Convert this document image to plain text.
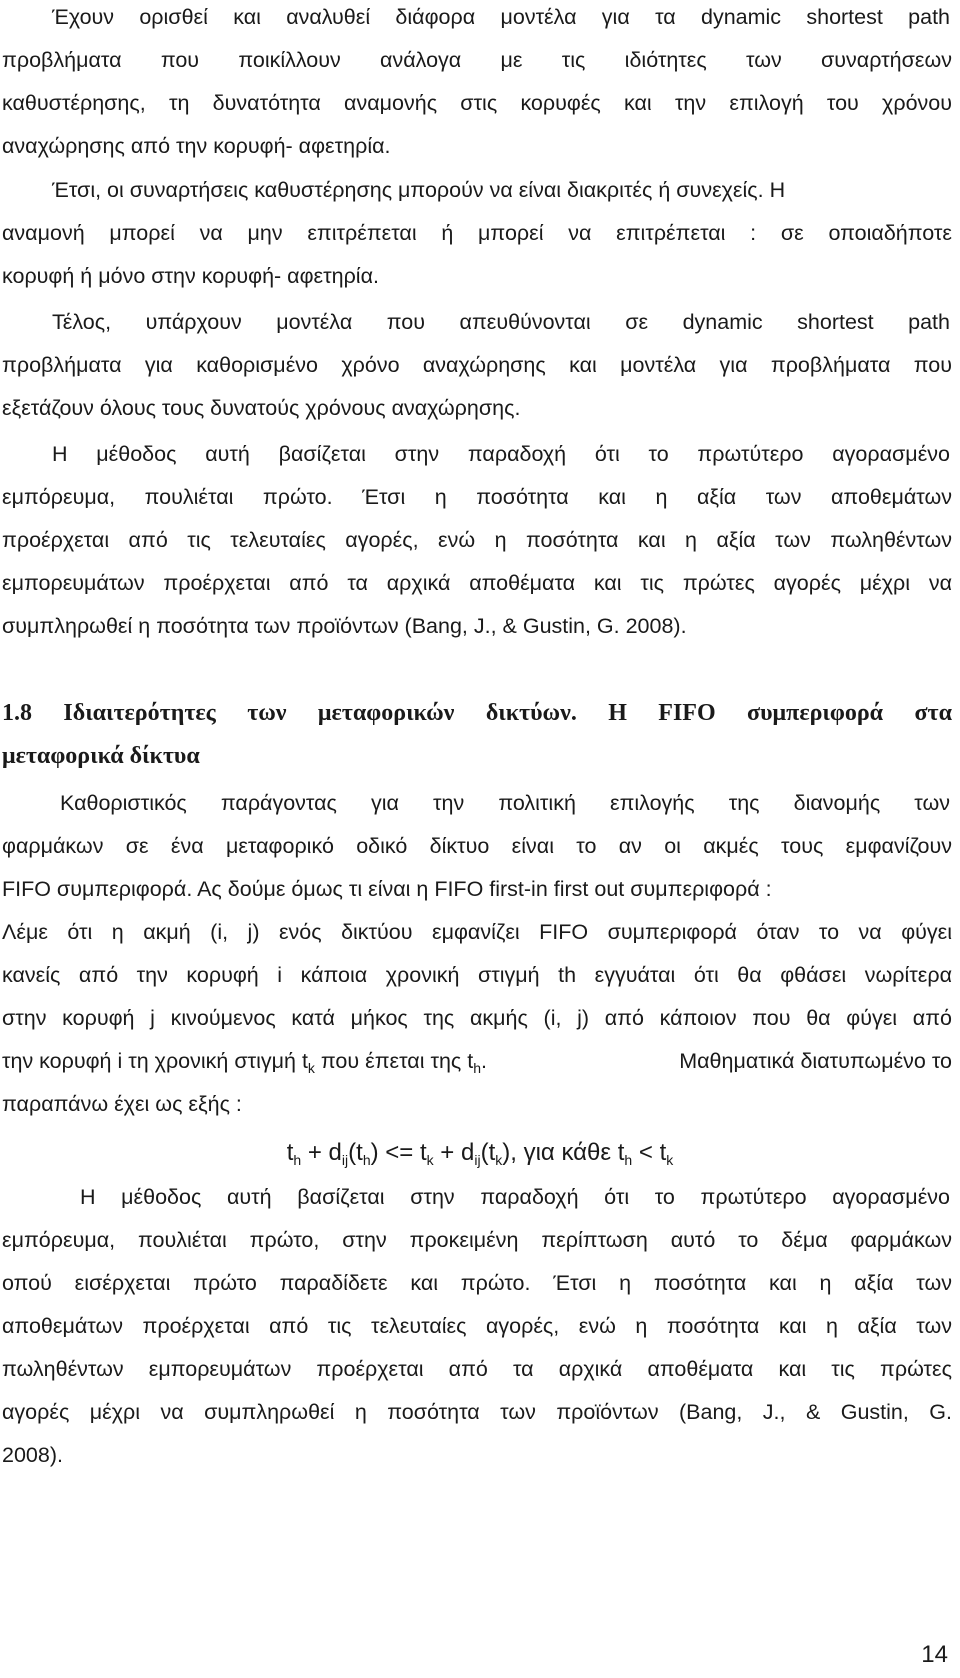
Έχουν ορισθεί και αναλυθεί διάφορα μοντέλα για τα dynamic shortest path
προβλήματα που ποικίλλουν ανάλογα με τις ιδιότητες των συναρτήσεων
καθυστέρησης, τη δυνατότητα αναμονής στις κορυφές και την επιλογή του χρόνου
αναχώρησης από την κορυφή- αφετηρία.
Έτσι, οι συναρτήσεις καθυστέρησης μπορούν να είναι διακριτές ή συνεχείς. Η
αναμονή μπορεί να μην επιτρέπεται ή μπορεί να επιτρέπεται : σε οποιαδήποτε
κορυφή ή μόνο στην κορυφή- αφετηρία.
Τέλος, υπάρχουν μοντέλα που απευθύνονται σε dynamic shortest path
προβλήματα για καθορισμένο χρόνο αναχώρησης και μοντέλα για προβλήματα που
εξετάζουν όλους τους δυνατούς χρόνους αναχώρησης.
Η μέθοδος αυτή βασίζεται στην παραδοχή ότι το πρωτύτερο αγορασμένο
εμπόρευμα, πουλιέται πρώτο. Έτσι η ποσότητα και η αξία των αποθεμάτων
προέρχεται από τις τελευταίες αγορές, ενώ η ποσότητα και η αξία των πωληθέντων
εμπορευμάτων προέρχεται από τα αρχικά αποθέματα και τις πρώτες αγορές μέχρι να
συμπληρωθεί η ποσότητα των προϊόντων (Bang, J., & Gustin, G. 2008).
1.8 Ιδιαιτερότητες των μεταφορικών δικτύων. Η FIFO συμπεριφορά στα
μεταφορικά δίκτυα
Καθοριστικός παράγοντας για την πολιτική επιλογής της διανομής των
φαρμάκων σε ένα μεταφορικό οδικό δίκτυο είναι το αν οι ακμές τους εμφανίζουν
FIFO συμπεριφορά. Ας δούμε όμως τι είναι η FIFO first-in first out συμπεριφορά :
Λέμε ότι η ακμή (i, j) ενός δικτύου εμφανίζει FIFO συμπεριφορά όταν το να φύγει
κανείς από την κορυφή i κάποια χρονική στιγμή th εγγυάται ότι θα φθάσει νωρίτερα
στην κορυφή j κινούμενος κατά μήκος της ακμής (i, j) από κάποιον που θα φύγει από
την κορυφή i τη χρονική στιγμή $t_k$ που έπεται της $t_h$.	Μαθηματικά διατυπωμένο το
παραπάνω έχει ως εξής :
$t_h + d_{ij}(t_h) <= t_k + d_{ij}(t_k)$, για κάθε $t_h < t_k$
Η μέθοδος αυτή βασίζεται στην παραδοχή ότι το πρωτύτερο αγορασμένο
εμπόρευμα, πουλιέται πρώτο, στην προκειμένη περίπτωση αυτό το δέμα φαρμάκων
οπού εισέρχεται πρώτο παραδίδετε και πρώτο. Έτσι η ποσότητα και η αξία των
αποθεμάτων προέρχεται από τις τελευταίες αγορές, ενώ η ποσότητα και η αξία των
πωληθέντων εμπορευμάτων προέρχεται από τα αρχικά αποθέματα και τις πρώτες
αγορές μέχρι να συμπληρωθεί η ποσότητα των προϊόντων (Bang, J., & Gustin, G.
2008).
14
